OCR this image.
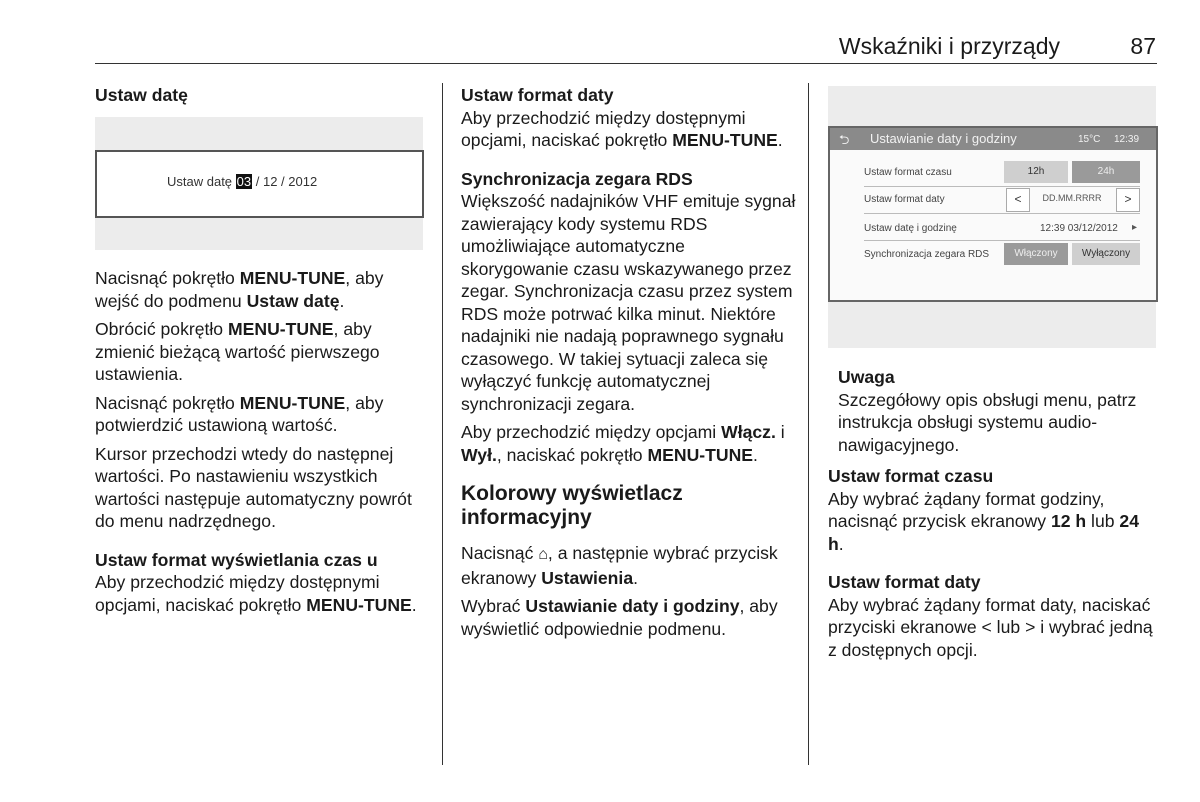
Wskaźniki i przyrządy	87

Ustaw datę

Ustaw datę 03 / 12 / 2012

Nacisnąć pokrętło MENU-TUNE, aby wejść do podmenu Ustaw datę.

Obrócić pokrętło MENU-TUNE, aby zmienić bieżącą wartość pierwszego ustawienia.

Nacisnąć pokrętło MENU-TUNE, aby potwierdzić ustawioną wartość.

Kursor przechodzi wtedy do następnej wartości. Po nastawieniu wszystkich wartości następuje automatyczny powrót do menu nadrzędnego.

Ustaw format wyświetlania czas u

Aby przechodzić między dostępnymi opcjami, naciskać pokrętło MENU-TUNE.

Ustaw format daty

Aby przechodzić między dostępnymi opcjami, naciskać pokrętło MENU-TUNE.

Synchronizacja zegara RDS

Większość nadajników VHF emituje sygnał zawierający kody systemu RDS umożliwiające automatyczne skorygowanie czasu wskazywanego przez zegar. Synchronizacja czasu przez system RDS może potrwać kilka minut. Niektóre nadajniki nie nadają poprawnego sygnału czasowego. W takiej sytuacji zaleca się wyłączyć funkcję automatycznej synchronizacji zegara.

Aby przechodzić między opcjami Włącz. i Wył., naciskać pokrętło MENU-TUNE.

Kolorowy wyświetlacz informacyjny

Nacisnąć ⌂, a następnie wybrać przycisk ekranowy Ustawienia.

Wybrać Ustawianie daty i godziny, aby wyświetlić odpowiednie podmenu.

⮌ Ustawianie daty i godziny	15°C 12:39
Ustaw format czasu	12h	24h
Ustaw format daty	<	DD.MM.RRRR	>
Ustaw datę i godzinę	12:39 03/12/2012 ▸
Synchronizacja zegara RDS	Włączony	Wyłączony

Uwaga

Szczegółowy opis obsługi menu, patrz instrukcja obsługi systemu audio-nawigacyjnego.

Ustaw format czasu

Aby wybrać żądany format godziny, nacisnąć przycisk ekranowy 12 h lub 24 h.

Ustaw format daty

Aby wybrać żądany format daty, naciskać przyciski ekranowe < lub > i wybrać jedną z dostępnych opcji.
